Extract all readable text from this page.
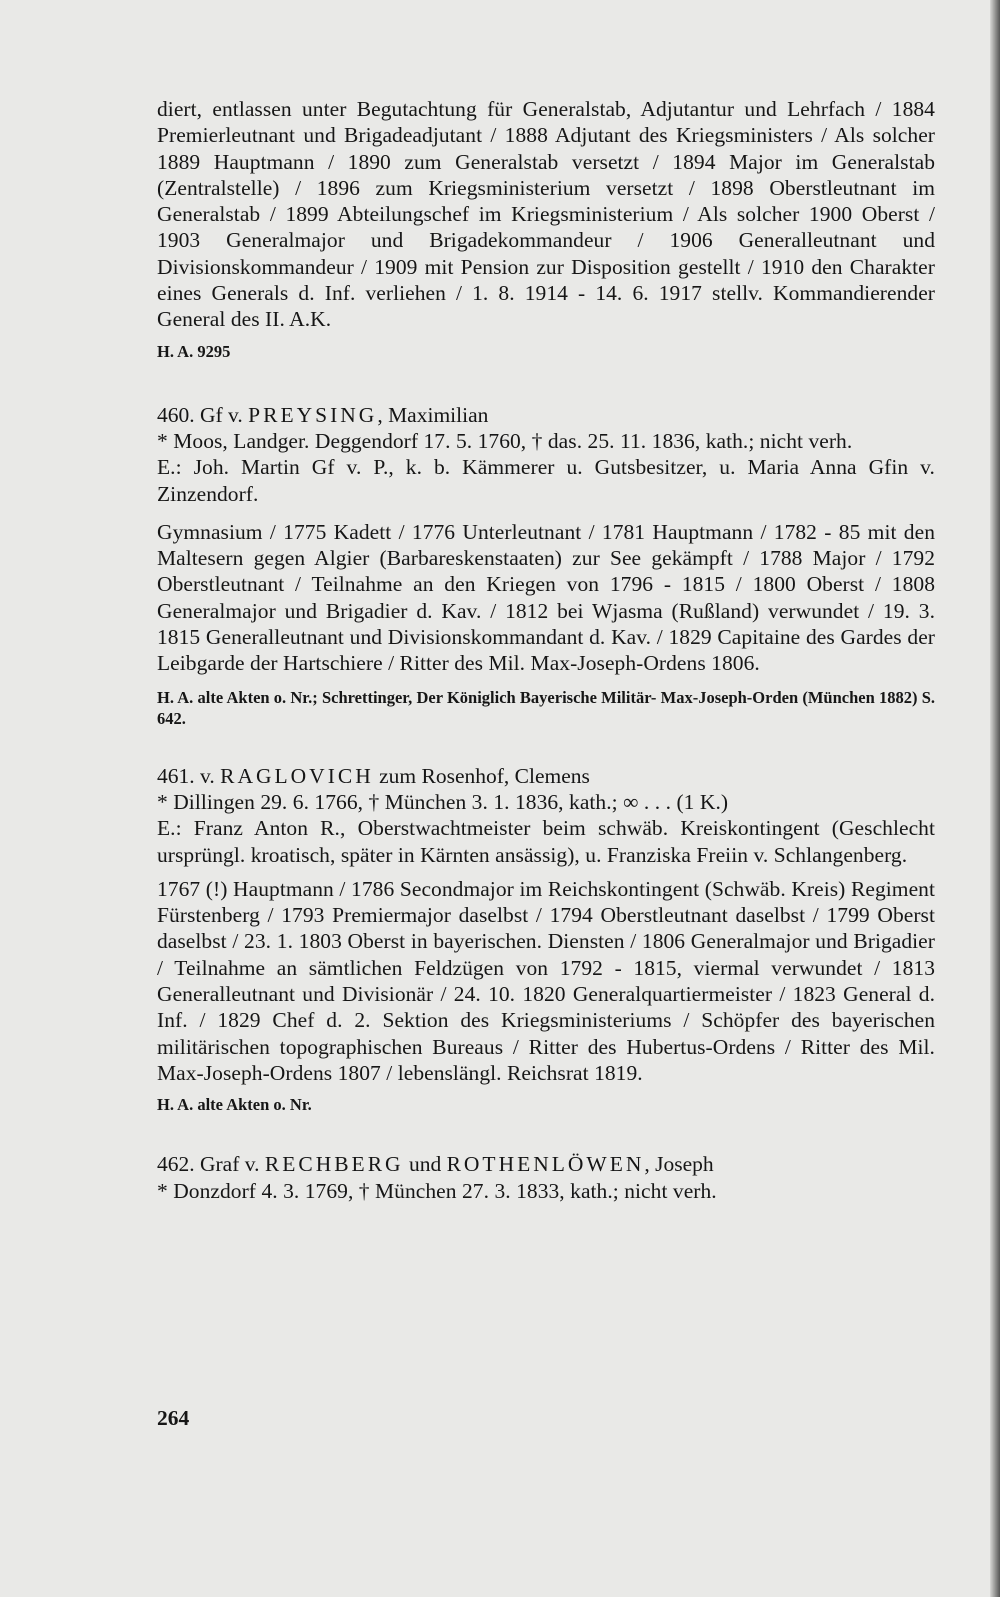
diert, entlassen unter Begutachtung für Generalstab, Adjutantur und Lehrfach / 1884 Premierleutnant und Brigadeadjutant / 1888 Adjutant des Kriegsministers / Als solcher 1889 Hauptmann / 1890 zum Generalstab versetzt / 1894 Major im Generalstab (Zentralstelle) / 1896 zum Kriegsministerium versetzt / 1898 Oberstleutnant im Generalstab / 1899 Abteilungschef im Kriegsministerium / Als solcher 1900 Oberst / 1903 Generalmajor und Brigadekommandeur / 1906 Generalleutnant und Divisionskommandeur / 1909 mit Pension zur Disposition gestellt / 1910 den Charakter eines Generals d. Inf. verliehen / 1. 8. 1914 - 14. 6. 1917 stellv. Kommandierender General des II. A.K.

H. A. 9295

460. Gf v. PREYSING, Maximilian

* Moos, Landger. Deggendorf 17. 5. 1760, † das. 25. 11. 1836, kath.; nicht verh.

E.: Joh. Martin Gf v. P., k. b. Kämmerer u. Gutsbesitzer, u. Maria Anna Gfin v. Zinzendorf.

Gymnasium / 1775 Kadett / 1776 Unterleutnant / 1781 Hauptmann / 1782 - 85 mit den Maltesern gegen Algier (Barbareskenstaaten) zur See gekämpft / 1788 Major / 1792 Oberstleutnant / Teilnahme an den Kriegen von 1796 - 1815 / 1800 Oberst / 1808 Generalmajor und Brigadier d. Kav. / 1812 bei Wjasma (Rußland) verwundet / 19. 3. 1815 Generalleutnant und Divisionskommandant d. Kav. / 1829 Capitaine des Gardes der Leibgarde der Hartschiere / Ritter des Mil. Max-Joseph-Ordens 1806.

H. A. alte Akten o. Nr.; Schrettinger, Der Königlich Bayerische Militär- Max-Joseph-Orden (München 1882) S. 642.

461. v. RAGLOVICH zum Rosenhof, Clemens

* Dillingen 29. 6. 1766, † München 3. 1. 1836, kath.; ∞ . . . (1 K.)

E.: Franz Anton R., Oberstwachtmeister beim schwäb. Kreiskontingent (Geschlecht ursprüngl. kroatisch, später in Kärnten ansässig), u. Franziska Freiin v. Schlangenberg.

1767 (!) Hauptmann / 1786 Secondmajor im Reichskontingent (Schwäb. Kreis) Regiment Fürstenberg / 1793 Premiermajor daselbst / 1794 Oberstleutnant daselbst / 1799 Oberst daselbst / 23. 1. 1803 Oberst in bayerischen. Diensten / 1806 Generalmajor und Brigadier / Teilnahme an sämtlichen Feldzügen von 1792 - 1815, viermal verwundet / 1813 Generalleutnant und Divisionär / 24. 10. 1820 Generalquartiermeister / 1823 General d. Inf. / 1829 Chef d. 2. Sektion des Kriegsministeriums / Schöpfer des bayerischen militärischen topographischen Bureaus / Ritter des Hubertus-Ordens / Ritter des Mil. Max-Joseph-Ordens 1807 / lebenslängl. Reichsrat 1819.

H. A. alte Akten o. Nr.

462. Graf v. RECHBERG und ROTHENLÖWEN, Joseph

* Donzdorf 4. 3. 1769, † München 27. 3. 1833, kath.; nicht verh.

264
